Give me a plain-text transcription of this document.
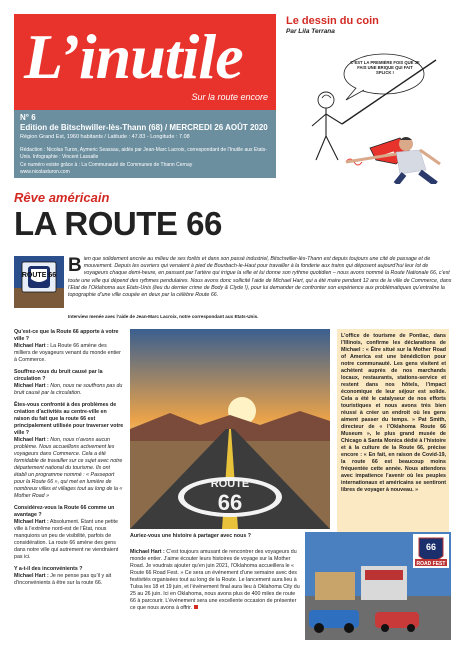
L’inutile
Sur la route encore
N° 6
Edition de Bitschwiller-lès-Thann (68) / MERCREDI 26 AOÛT 2020
Région Grand Est, 1960 habitants / Latitude : 47.83 - Longitude : 7.08
Rédaction : Nicolas Turon, Aymeric Seassau, aidés par Jean-Marc Lacroix, correspondant de l’Inutile aux Etats-Unis. Infographie : Vincent Lassalle
Ce numéro existe grâce à : La Communauté de Communes de Thann Cernay
www.nicolasturon.com
Le dessin du coin
Par Lila Terrana
C’EST LA PREMIÈRE FOIS QUE JE FAIS UNE BRIQUE QUI FAIT SPLICK !
Rêve américain
LA ROUTE 66
ROUTE 66 Bien que solidement ancrée au milieu de ses forêts et dans son passé industriel, Bitschwiller-lès-Thann est depuis toujours une cité de passage et de mouvement. Depuis les ouvriers qui venaient à pied de Bourbach-le-Haut pour travailler à la fonderie aux trains qui déposent aujourd’hui leur lot de voyageurs chaque demi-heure, en passant par l’artère qui irrigue la ville et lui donne son rythme quotidien – nous avons nommé la Route Nationale 66, c’est toute une ville qui dépend des rythmes pendulaires. Nous avons donc sollicité l’aide de Michael Hart, qui a été maire pendant 12 ans de la ville de Commerce, dans l’Etat de l’Oklahoma aux Etats-Unis (lieu du dernier crime de Body & Clyde !), pour lui demander de confronter son expérience aux problématiques qu’entraîne la topographie d’une ville coupée en deux par la célèbre Route 66.
Interview menée avec l’aide de Jean-Marc Lacroix, notre correspondant aux Etats-Unis.
Qu’est-ce que la Route 66 apporte à votre ville ?
Michael Hart : La Route 66 amène des milliers de voyageurs venant du monde entier à Commerce.
Souffrez-vous du bruit causé par la circulation ?
Michael Hart : Non, nous ne souffrons pas du bruit causé par la circulation.
Êtes-vous confronté à des problèmes de création d’activités au centre-ville en raison du fait que la route 66 est principalement utilisée pour traverser votre ville ?
Michael Hart : Non, nous n’avons aucun problème. Nous accueillons activement les voyageurs dans Commerce. Cela a été formidable de travailler sur ce sujet avec notre département national du tourisme. Ils ont établi un programme nommé : « Passeport pour la Route 66 », qui met en lumière de nombreux villes et villages tout au long de la « Mother Road »
Considérez-vous la Route 66 comme un avantage ?
Michael Hart : Absolument. Étant une petite ville à l’extrême nord-est de l’État, nous manquions un peu de visibilité, parfois de considération. La route 66 amène des gens dans notre ville qui autrement ne viendraient pas ici.
Y a-t-il des inconvénients ?
Michael Hart : Je ne pense pas qu’il y ait d’inconvénients à être sur la route 66.
ROUTE
66
L’office de tourisme de Pontiac, dans l’Illinois, confirme les déclarations de Michael : « Être situé sur la Mother Road of America est une bénédiction pour notre communauté. Les gens visitent et achètent auprès de nos marchands locaux, restaurants, stations-service et restent dans nos hôtels, l’impact économique de leur séjour est solide. Cela a été le catalyseur de nos efforts touristiques et nous avons très bien réussi à créer un endroit où les gens aiment passer du temps. » Pat Smith, directeur de « l’Oklahoma Route 66 Museum », le plus grand musée de Chicago à Santa Monica dédié à l’histoire et à la culture de la Route 66, précise encore : « En fait, en raison de Covid-19, la route 66 est beaucoup moins fréquentée cette année. Nous attendons avec impatience l’avenir où les peuples internationaux et américains se sentiront libres de voyager à nouveau. »
Auriez-vous une histoire à partager avec nous ?
Michael Hart : C’est toujours amusant de rencontrer des voyageurs du monde entier. J’aime écouter leurs histoires de voyage sur la Mother Road. Je voudrais ajouter qu’en juin 2021, l’Oklahoma accueillera le « Route 66 Road Fest. » Ce sera un événement d’une semaine avec des festivités organisées tout au long de la Route. Le lancement aura lieu à Tulsa les 18 et 19 juin, et l’événement final aura lieu à Oklahoma City du 25 au 26 juin. Ici en Oklahoma, nous avons plus de 400 miles de route 66 à parcourir. L’événement sera une excellente occasion de présenter ce que nous avons à offrir.
66
ROAD FEST
